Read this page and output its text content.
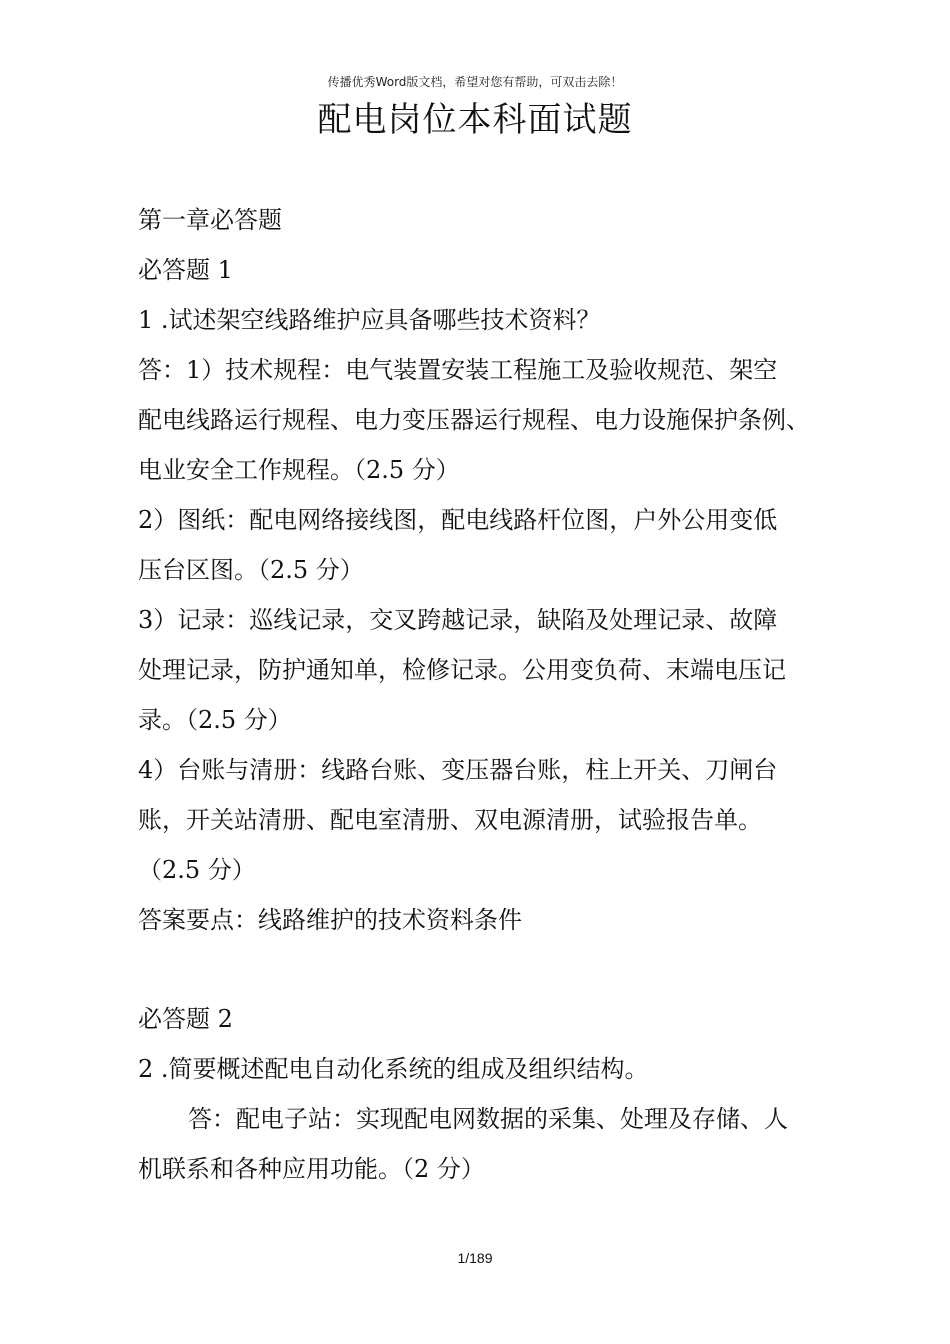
传播优秀Word版文档，希望对您有帮助，可双击去除！
配电岗位本科面试题
第一章必答题
必答题 1
1 .试述架空线路维护应具备哪些技术资料？
答：1）技术规程：电气装置安装工程施工及验收规范、架空
配电线路运行规程、电力变压器运行规程、电力设施保护条例、
电业安全工作规程。（2.5 分）
2）图纸：配电网络接线图，配电线路杆位图，户外公用变低
压台区图。（2.5 分）
3）记录：巡线记录，交叉跨越记录，缺陷及处理记录、故障
处理记录，防护通知单，检修记录。公用变负荷、末端电压记
录。（2.5 分）
4）台账与清册：线路台账、变压器台账，柱上开关、刀闸台
账，开关站清册、配电室清册、双电源清册，试验报告单。
（2.5 分）
答案要点：线路维护的技术资料条件
必答题 2
2 .简要概述配电自动化系统的组成及组织结构。
答：配电子站：实现配电网数据的采集、处理及存储、人
机联系和各种应用功能。（2 分）
1/189
